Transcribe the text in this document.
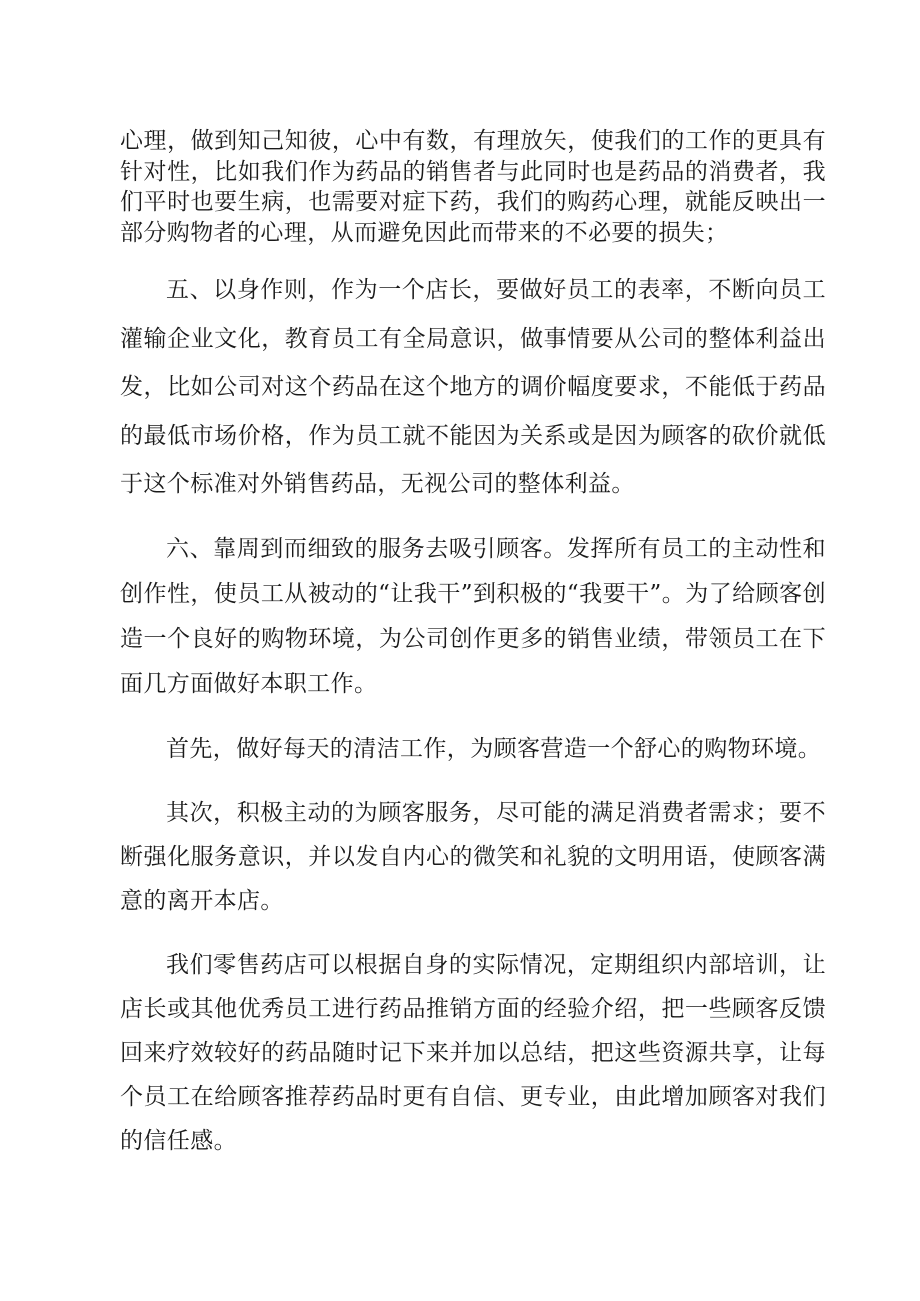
心理，做到知己知彼，心中有数，有理放矢，使我们的工作的更具有针对性，比如我们作为药品的销售者与此同时也是药品的消费者，我们平时也要生病，也需要对症下药，我们的购药心理，就能反映出一部分购物者的心理，从而避免因此而带来的不必要的损失；

五、以身作则，作为一个店长，要做好员工的表率，不断向员工灌输企业文化，教育员工有全局意识，做事情要从公司的整体利益出发，比如公司对这个药品在这个地方的调价幅度要求，不能低于药品的最低市场价格，作为员工就不能因为关系或是因为顾客的砍价就低于这个标准对外销售药品，无视公司的整体利益。

六、靠周到而细致的服务去吸引顾客。发挥所有员工的主动性和创作性，使员工从被动的“让我干”到积极的“我要干”。为了给顾客创造一个良好的购物环境，为公司创作更多的销售业绩，带领员工在下面几方面做好本职工作。

首先，做好每天的清洁工作，为顾客营造一个舒心的购物环境。

其次，积极主动的为顾客服务，尽可能的满足消费者需求；要不断强化服务意识，并以发自内心的微笑和礼貌的文明用语，使顾客满意的离开本店。

我们零售药店可以根据自身的实际情况，定期组织内部培训，让店长或其他优秀员工进行药品推销方面的经验介绍，把一些顾客反馈回来疗效较好的药品随时记下来并加以总结，把这些资源共享，让每个员工在给顾客推荐药品时更有自信、更专业，由此增加顾客对我们的信任感。
